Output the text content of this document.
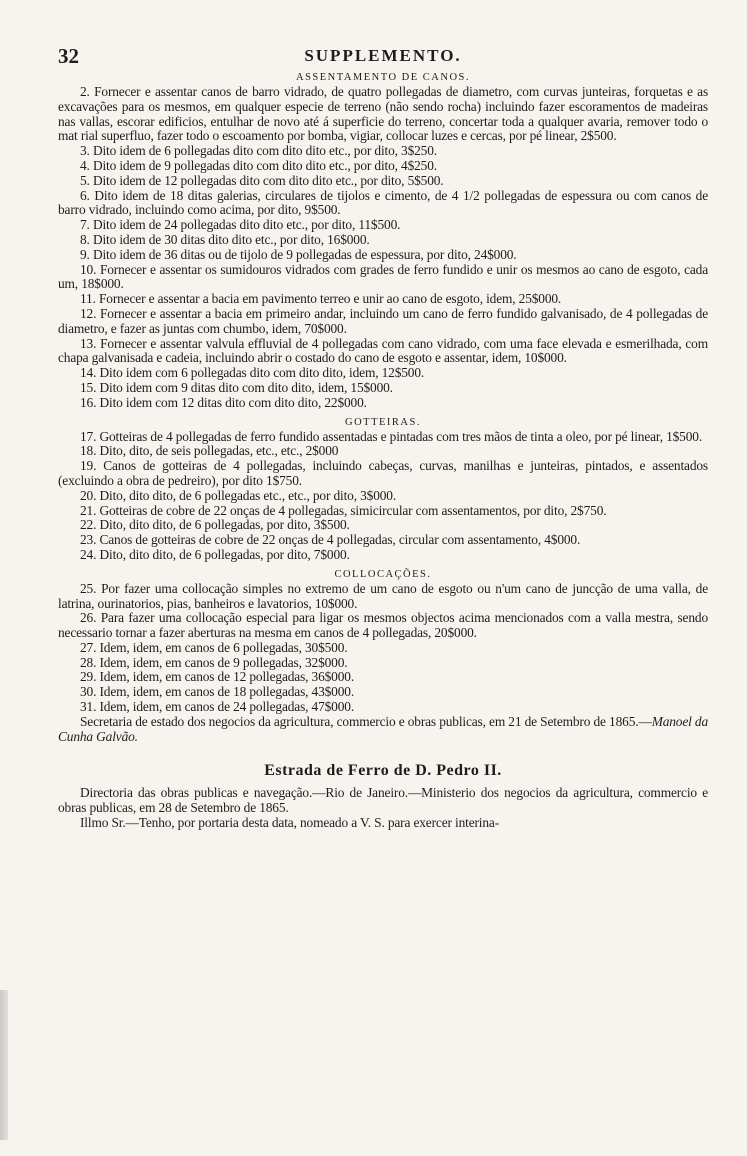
32	SUPPLEMENTO.
ASSENTAMENTO DE CANOS.

2. Fornecer e assentar canos de barro vidrado, de quatro pollegadas de diametro, com curvas junteiras, forquetas e as excavações para os mesmos, em qualquer especie de terreno (não sendo rocha) incluindo fazer escoramentos de madeiras nas vallas, escorar edificios, entulhar de novo até á superficie do terreno, concertar toda a qualquer avaria, remover todo o mat rial superfluo, fazer todo o escoamento por bomba, vigiar, collocar luzes e cercas, por pé linear, 2$500.

3. Dito idem de 6 pollegadas dito com dito dito etc., por dito, 3$250.

4. Dito idem de 9 pollegadas dito com dito dito etc., por dito, 4$250.

5. Dito idem de 12 pollegadas dito com dito dito etc., por dito, 5$500.

6. Dito idem de 18 ditas galerias, circulares de tijolos e cimento, de 4 1/2 pollegadas de espessura ou com canos de barro vidrado, incluindo como acima, por dito, 9$500.

7. Dito idem de 24 pollegadas dito dito etc., por dito, 11$500.

8. Dito idem de 30 ditas dito dito etc., por dito, 16$000.

9. Dito idem de 36 ditas ou de tijolo de 9 pollegadas de espessura, por dito, 24$000.

10. Fornecer e assentar os sumidouros vidrados com grades de ferro fundido e unir os mesmos ao cano de esgoto, cada um, 18$000.

11. Fornecer e assentar a bacia em pavimento terreo e unir ao cano de esgoto, idem, 25$000.

12. Fornecer e assentar a bacia em primeiro andar, incluindo um cano de ferro fundido galvanisado, de 4 pollegadas de diametro, e fazer as juntas com chumbo, idem, 70$000.

13. Fornecer e assentar valvula effluvial de 4 pollegadas com cano vidrado, com uma face elevada e esmerilhada, com chapa galvanisada e cadeia, incluindo abrir o costado do cano de esgoto e assentar, idem, 10$000.

14. Dito idem com 6 pollegadas dito com dito dito, idem, 12$500.

15. Dito idem com 9 ditas dito com dito dito, idem, 15$000.

16. Dito idem com 12 ditas dito com dito dito, 22$000.

GOTTEIRAS.

17. Gotteiras de 4 pollegadas de ferro fundido assentadas e pintadas com tres mãos de tinta a oleo, por pé linear, 1$500.

18. Dito, dito, de seis pollegadas, etc., etc., 2$000

19. Canos de gotteiras de 4 pollegadas, incluindo cabeças, curvas, manilhas e junteiras, pintados, e assentados (excluindo a obra de pedreiro), por dito 1$750.

20. Dito, dito dito, de 6 pollegadas etc., etc., por dito, 3$000.

21. Gotteiras de cobre de 22 onças de 4 pollegadas, simicircular com assentamentos, por dito, 2$750.

22. Dito, dito dito, de 6 pollegadas, por dito, 3$500.

23. Canos de gotteiras de cobre de 22 onças de 4 pollegadas, circular com assentamento, 4$000.

24. Dito, dito dito, de 6 pollegadas, por dito, 7$000.

COLLOCAÇÕES.

25. Por fazer uma collocação simples no extremo de um cano de esgoto ou n'um cano de juncção de uma valla, de latrina, ourinatorios, pias, banheiros e lavatorios, 10$000.

26. Para fazer uma collocação especial para ligar os mesmos objectos acima mencionados com a valla mestra, sendo necessario tornar a fazer aberturas na mesma em canos de 4 pollegadas, 20$000.

27. Idem, idem, em canos de 6 pollegadas, 30$500.

28. Idem, idem, em canos de 9 pollegadas, 32$000.

29. Idem, idem, em canos de 12 pollegadas, 36$000.

30. Idem, idem, em canos de 18 pollegadas, 43$000.

31. Idem, idem, em canos de 24 pollegadas, 47$000.

Secretaria de estado dos negocios da agricultura, commercio e obras publicas, em 21 de Setembro de 1865.—Manoel da Cunha Galvão.

Estrada de Ferro de D. Pedro II.

Directoria das obras publicas e navegação.—Rio de Janeiro.—Ministerio dos negocios da agricultura, commercio e obras publicas, em 28 de Setembro de 1865.

Illmo Sr.—Tenho, por portaria desta data, nomeado a V. S. para exercer interina-
